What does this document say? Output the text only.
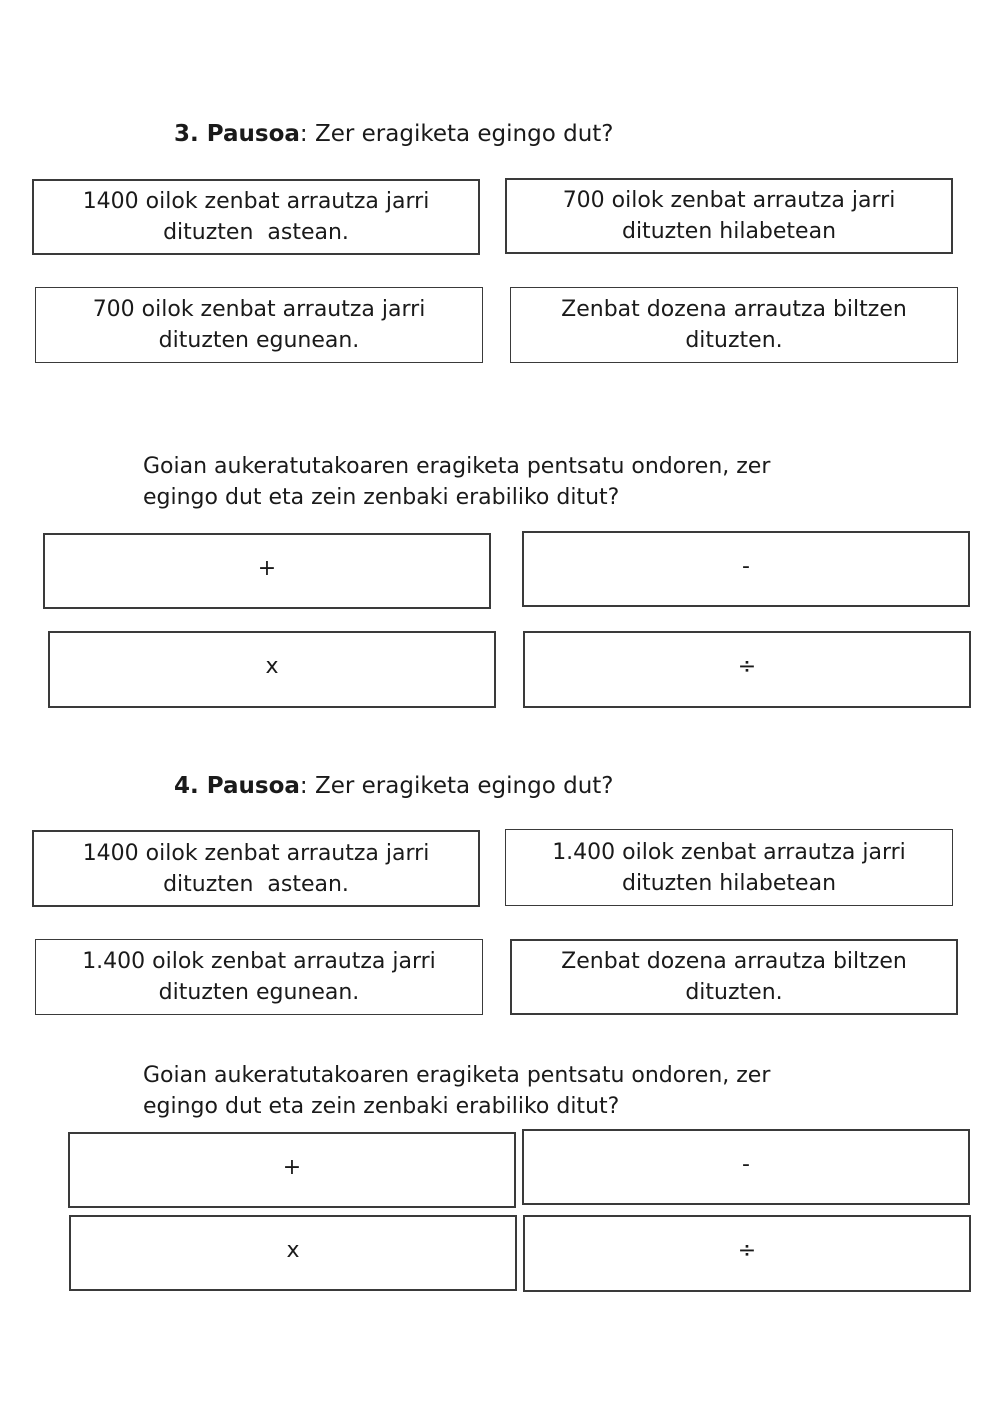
3. Pausoa: Zer eragiketa egingo dut?
1400 oilok zenbat arrautza jarri
dituzten  astean.
700 oilok zenbat arrautza jarri
dituzten hilabetean
700 oilok zenbat arrautza jarri
dituzten egunean.
Zenbat dozena arrautza biltzen
dituzten.
Goian aukeratutakoaren eragiketa pentsatu ondoren, zer
egingo dut eta zein zenbaki erabiliko ditut?
+	-
x	÷
4. Pausoa: Zer eragiketa egingo dut?
1400 oilok zenbat arrautza jarri
dituzten  astean.
1.400 oilok zenbat arrautza jarri
dituzten hilabetean
1.400 oilok zenbat arrautza jarri
dituzten egunean.
Zenbat dozena arrautza biltzen
dituzten.
Goian aukeratutakoaren eragiketa pentsatu ondoren, zer
egingo dut eta zein zenbaki erabiliko ditut?
+	-
x	÷
